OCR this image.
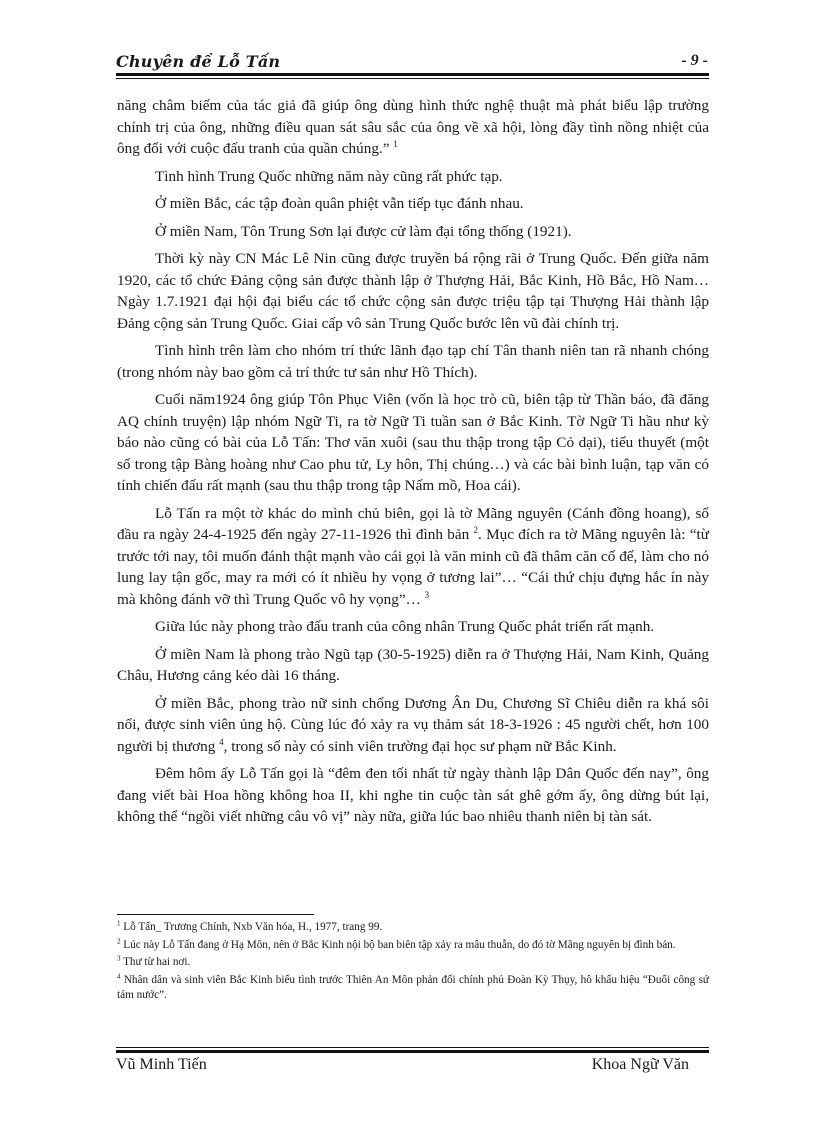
Chuyên đề Lỗ Tấn	- 9 -

năng châm biếm của tác giả đã giúp ông dùng hình thức nghệ thuật mà phát biểu lập trường chính trị của ông, những điều quan sát sâu sắc của ông về xã hội, lòng đầy tình nồng nhiệt của ông đối với cuộc đấu tranh của quần chúng.” $^1$

Tình hình Trung Quốc những năm này cũng rất phức tạp.

Ở miền Bắc, các tập đoàn quân phiệt vẫn tiếp tục đánh nhau.

Ở miền Nam, Tôn Trung Sơn lại được cử làm đại tổng thống (1921).

Thời kỳ này CN Mác Lê Nin cũng được truyền bá rộng rãi ở Trung Quốc. Đến giữa năm 1920, các tổ chức Đảng cộng sản được thành lập ở Thượng Hải, Bắc Kinh, Hồ Bắc, Hồ Nam… Ngày 1.7.1921 đại hội đại biểu các tổ chức cộng sản được triệu tập tại Thượng Hải thành lập Đảng cộng sản Trung Quốc. Giai cấp vô sản Trung Quốc bước lên vũ đài chính trị.

Tình hình trên làm cho nhóm trí thức lãnh đạo tạp chí Tân thanh niên tan rã nhanh chóng (trong nhóm này bao gồm cả trí thức tư sản như Hồ Thích).

Cuối năm1924 ông giúp Tôn Phục Viên (vốn là học trò cũ, biên tập từ Thần báo, đã đăng AQ chính truyện) lập nhóm Ngữ Ti, ra tờ Ngữ Ti tuần san ở Bắc Kinh. Tờ Ngữ Ti hầu như kỳ báo nào cũng có bài của Lỗ Tấn: Thơ văn xuôi (sau thu thập trong tập Cỏ dại), tiểu thuyết (một số trong tập Bàng hoàng như Cao phu tử, Ly hôn, Thị chúng…) và các bài bình luận, tạp văn có tính chiến đấu rất mạnh (sau thu thập trong tập Nấm mồ, Hoa cái).

Lỗ Tấn ra một tờ khác do mình chủ biên, gọi là tờ Mãng nguyên (Cánh đồng hoang), số đầu ra ngày 24-4-1925 đến ngày 27-11-1926 thì đình bản $^2$. Mục đích ra tờ Mãng nguyên là: “từ trước tới nay, tôi muốn đánh thật mạnh vào cái gọi là văn minh cũ đã thâm căn cố đế, làm cho nó lung lay tận gốc, may ra mới có ít nhiều hy vọng ở tương lai”… “Cái thứ chịu đựng hắc ín này mà không đánh vỡ thì Trung Quốc vô hy vọng”… $^3$

Giữa lúc này phong trào đấu tranh của công nhân Trung Quốc phát triển rất mạnh.

Ở miền Nam là phong trào Ngũ tạp (30-5-1925) diễn ra ở Thượng Hải, Nam Kinh, Quảng Châu, Hương cảng kéo dài 16 tháng.

Ở miền Bắc, phong trào nữ sinh chống Dương Ân Du, Chương Sĩ Chiêu diễn ra khá sôi nổi, được sinh viên ủng hộ. Cùng lúc đó xảy ra vụ thảm sát 18-3-1926 : 45 người chết, hơn 100 người bị thương $^4$, trong số này có sinh viên trường đại học sư phạm nữ Bắc Kinh.

Đêm hôm ấy Lỗ Tấn gọi là “đêm đen tối nhất từ ngày thành lập Dân Quốc đến nay”, ông đang viết bài Hoa hồng không hoa II, khi nghe tin cuộc tàn sát ghê gớm ấy, ông dừng bút lại, không thể “ngồi viết những câu vô vị” này nữa, giữa lúc bao nhiêu thanh niên bị tàn sát.

$^1$ Lỗ Tấn_ Trương Chính, Nxb Văn hóa, H., 1977, trang 99.

$^2$ Lúc này Lỗ Tấn đang ở Hạ Môn, nên ở Bắc Kinh nội bộ ban biên tập xảy ra mâu thuẫn, do đó tờ Mãng nguyên bị đình bản.

$^3$ Thư từ hai nơi.

$^4$ Nhân dân và sinh viên Bắc Kinh biểu tình trước Thiên An Môn phản đối chính phủ Đoàn Kỳ Thụy, hô khẩu hiệu “Đuổi công sứ tám nước”.

Vũ Minh Tiến	Khoa Ngữ Văn
